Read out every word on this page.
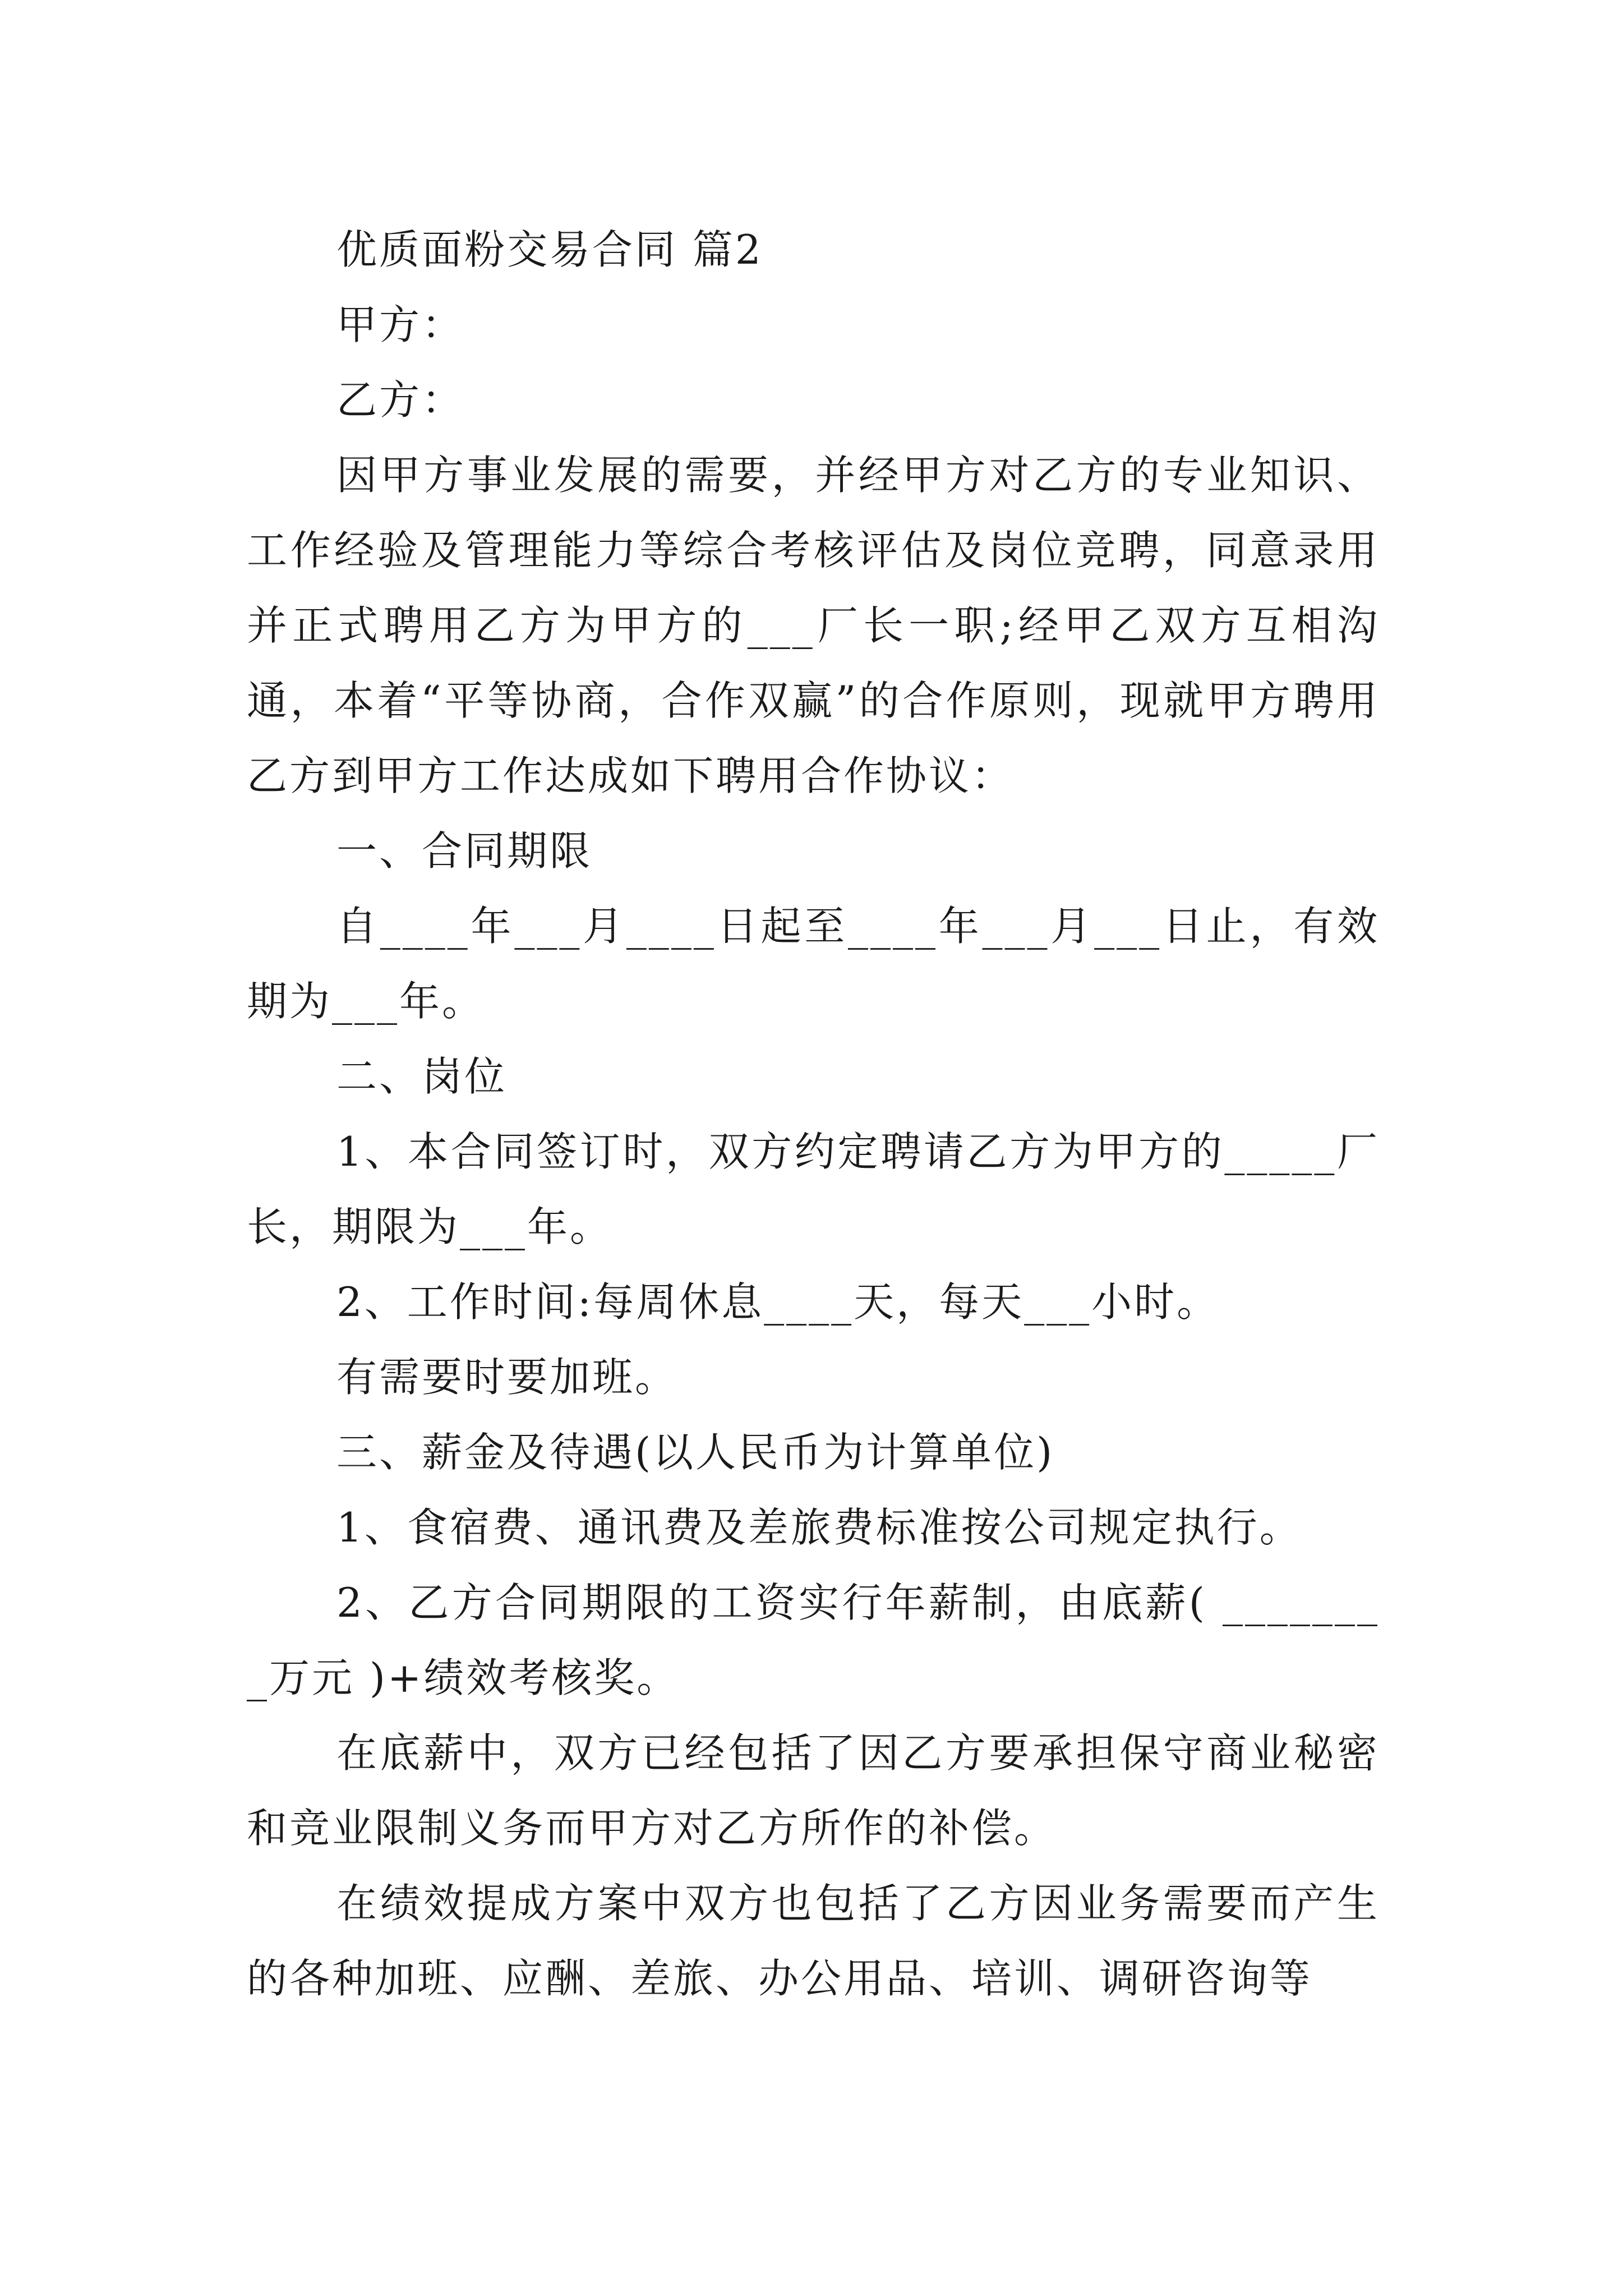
优质面粉交易合同 篇2

甲方：

乙方：

因甲方事业发展的需要，并经甲方对乙方的专业知识、工作经验及管理能力等综合考核评估及岗位竞聘，同意录用并正式聘用乙方为甲方的___厂长一职;经甲乙双方互相沟通，本着“平等协商，合作双赢”的合作原则，现就甲方聘用乙方到甲方工作达成如下聘用合作协议：

一、合同期限

自____年___月____日起至____年___月___日止，有效期为___年。

二、岗位

1、本合同签订时，双方约定聘请乙方为甲方的_____厂长，期限为___年。

2、工作时间:每周休息____天，每天___小时。

有需要时要加班。

三、薪金及待遇(以人民币为计算单位)

1、食宿费、通讯费及差旅费标准按公司规定执行。

2、乙方合同期限的工资实行年薪制，由底薪( ________万元 )+绩效考核奖。

在底薪中，双方已经包括了因乙方要承担保守商业秘密和竞业限制义务而甲方对乙方所作的补偿。

在绩效提成方案中双方也包括了乙方因业务需要而产生的各种加班、应酬、差旅、办公用品、培训、调研咨询等
